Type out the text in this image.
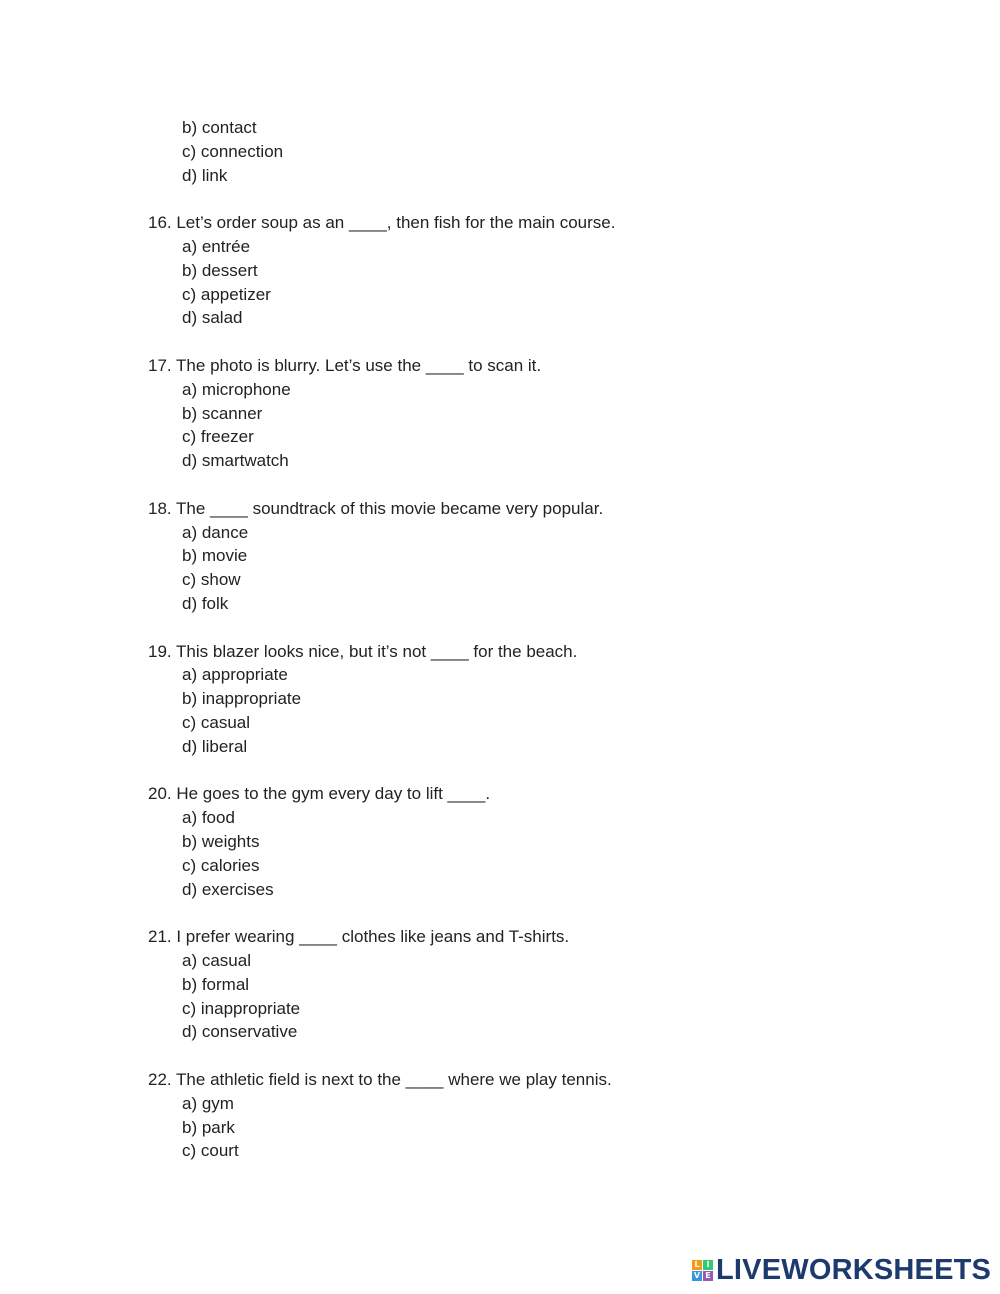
b) contact
c) connection
d) link
16. Let’s order soup as an ____, then fish for the main course.
a) entrée
b) dessert
c) appetizer
d) salad
17. The photo is blurry. Let’s use the ____ to scan it.
a) microphone
b) scanner
c) freezer
d) smartwatch
18. The ____ soundtrack of this movie became very popular.
a) dance
b) movie
c) show
d) folk
19. This blazer looks nice, but it’s not ____ for the beach.
a) appropriate
b) inappropriate
c) casual
d) liberal
20. He goes to the gym every day to lift ____.
a) food
b) weights
c) calories
d) exercises
21. I prefer wearing ____ clothes like jeans and T-shirts.
a) casual
b) formal
c) inappropriate
d) conservative
22. The athletic field is next to the ____ where we play tennis.
a) gym
b) park
c) court
L I
V E LIVEWORKSHEETS
